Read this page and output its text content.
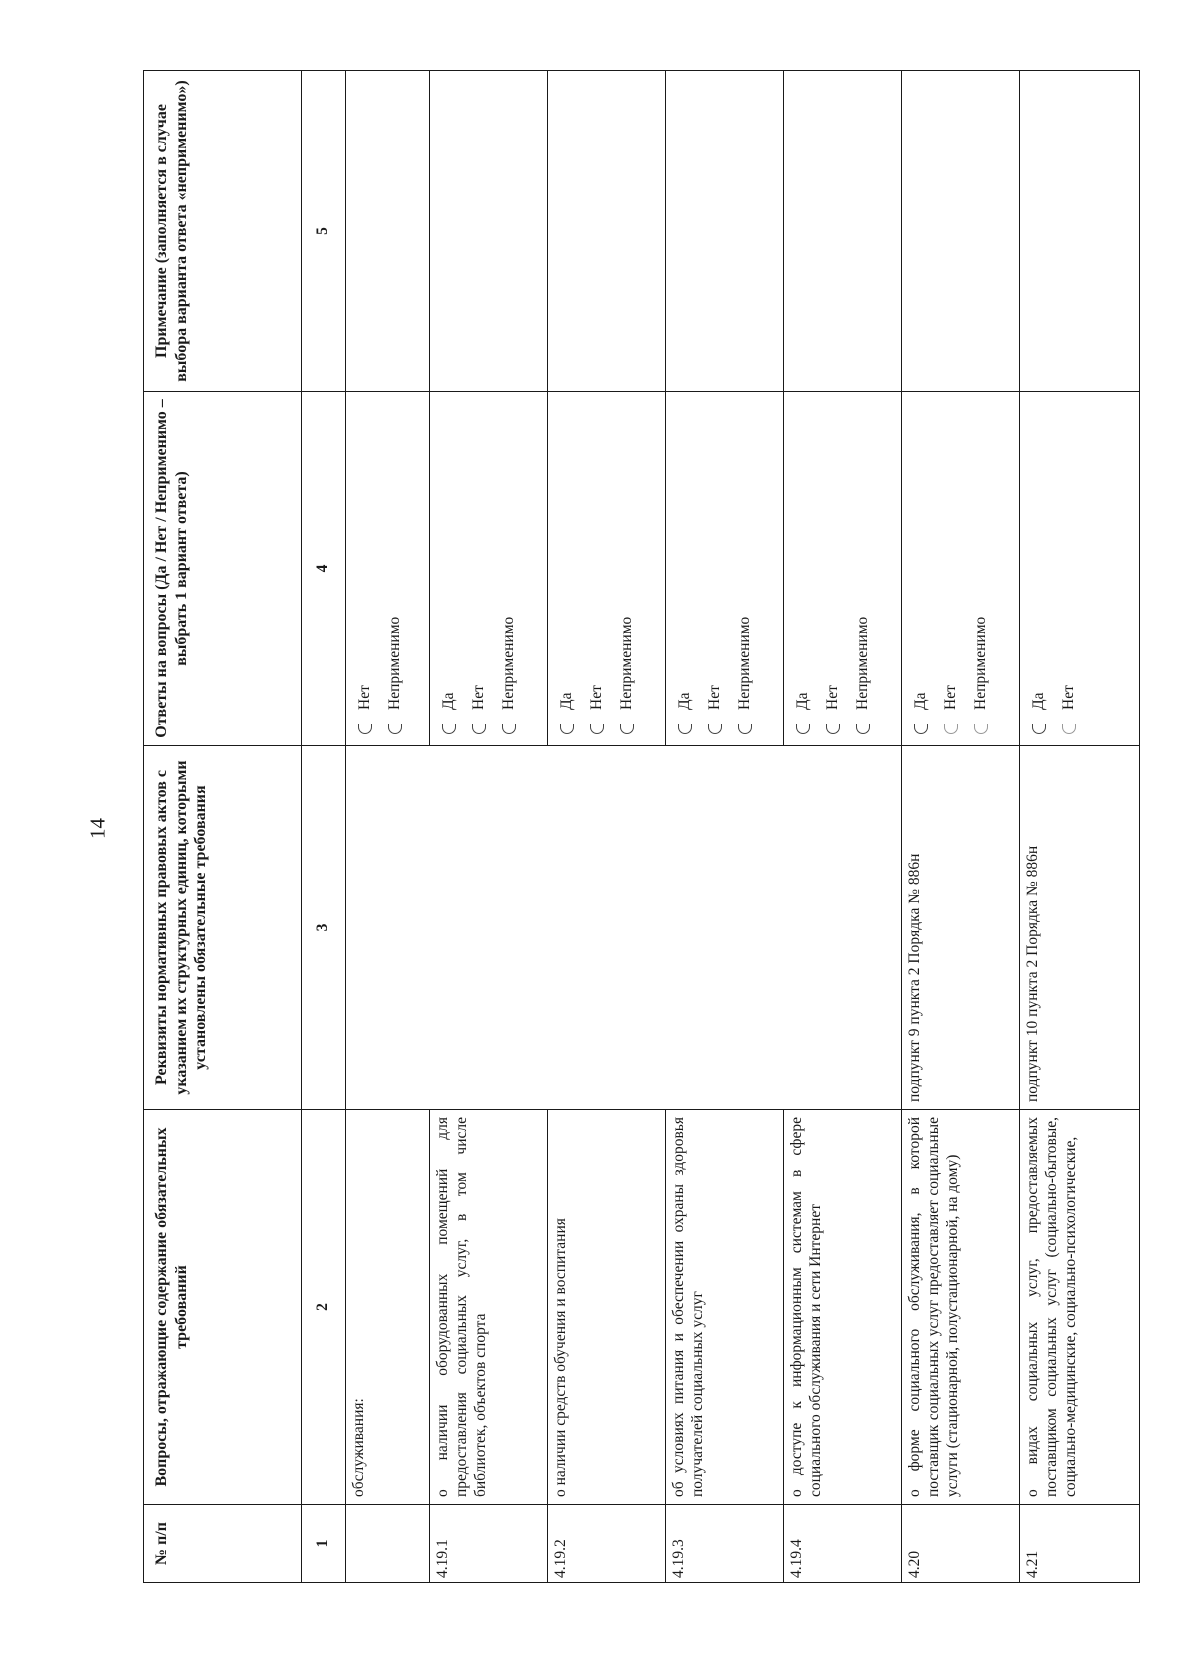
14
№ п/п	Вопросы, отражающие содержание обязательных требований	Реквизиты нормативных правовых актов с указанием их структурных единиц, которыми установлены обязательные требования	Ответы на вопросы (Да / Нет / Неприменимо – выбрать 1 вариант ответа)	Примечание (заполняется в случае выбора варианта ответа «неприменимо»)
1	2	3	4	5
	обслуживания:		Нет Неприменимо	

4.19.1	о наличии оборудованных помещений для предоставления социальных услуг, в том числе библиотек, объектов спорта		Да Нет Неприменимо	

4.19.2	о наличии средств обучения и воспитания		Да Нет Неприменимо	

4.19.3	об условиях питания и обеспечении охраны здоровья получателей социальных услуг		Да Нет Неприменимо	

4.19.4	о доступе к информационным системам в сфере социального обслуживания и сети Интернет		Да Нет Неприменимо	

4.20	о форме социального обслуживания, в которой поставщик социальных услуг предоставляет социальные услуги (стационарной, полустационарной, на дому)	подпункт 9 пункта 2 Порядка № 886н	Да Нет Неприменимо	

4.21	о видах социальных услуг, предоставляемых поставщиком социальных услуг (социально-бытовые, социально-медицинские, социально-психологические,	подпункт 10 пункта 2 Порядка № 886н	Да Нет	
